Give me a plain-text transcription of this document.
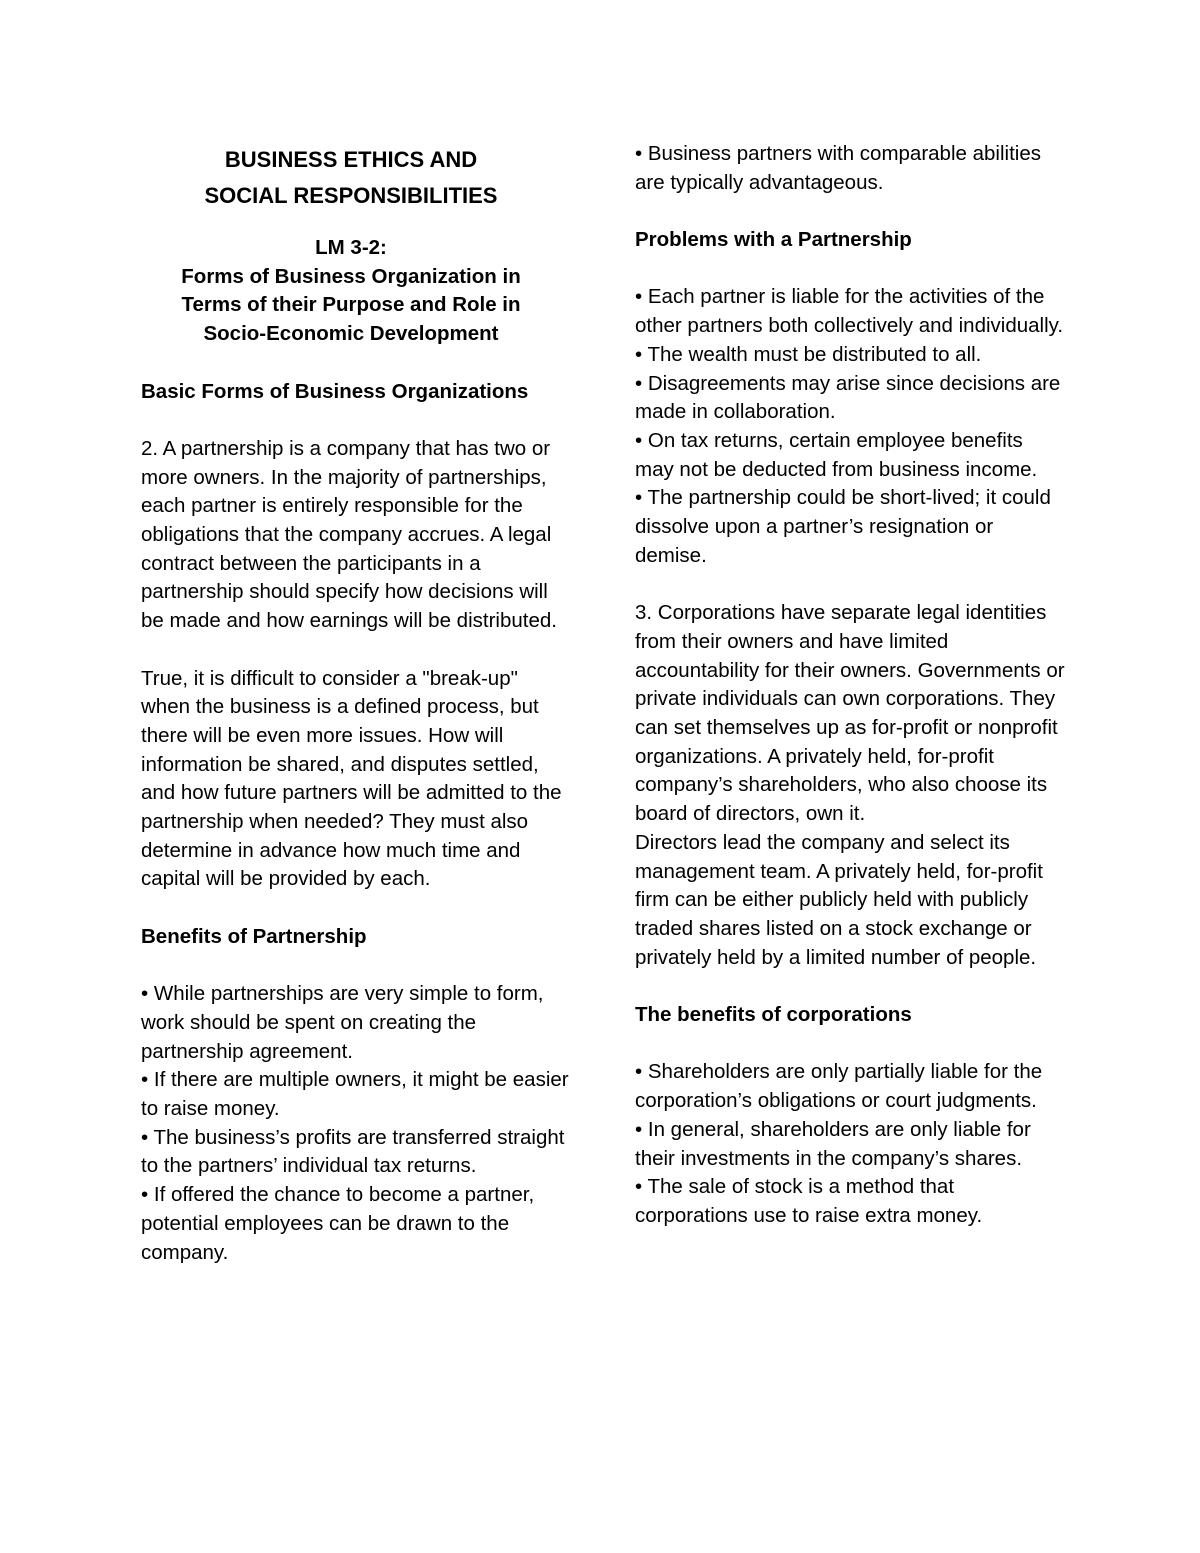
BUSINESS ETHICS AND
SOCIAL RESPONSIBILITIES
LM 3-2:
Forms of Business Organization in
Terms of their Purpose and Role in
Socio-Economic Development

Basic Forms of Business Organizations

2. A partnership is a company that has two or more owners. In the majority of partnerships, each partner is entirely responsible for the obligations that the company accrues. A legal contract between the participants in a partnership should specify how decisions will be made and how earnings will be distributed.

True, it is difficult to consider a "break-up" when the business is a defined process, but there will be even more issues. How will information be shared, and disputes settled, and how future partners will be admitted to the partnership when needed? They must also determine in advance how much time and capital will be provided by each.

Benefits of Partnership

• While partnerships are very simple to form, work should be spent on creating the partnership agreement.
• If there are multiple owners, it might be easier to raise money.
• The business’s profits are transferred straight to the partners’ individual tax returns.
• If offered the chance to become a partner, potential employees can be drawn to the company.

• Business partners with comparable abilities are typically advantageous.

Problems with a Partnership

• Each partner is liable for the activities of the other partners both collectively and individually.
• The wealth must be distributed to all.
• Disagreements may arise since decisions are made in collaboration.
• On tax returns, certain employee benefits may not be deducted from business income.
• The partnership could be short-lived; it could dissolve upon a partner’s resignation or demise.

3. Corporations have separate legal identities from their owners and have limited accountability for their owners. Governments or private individuals can own corporations. They can set themselves up as for-profit or nonprofit organizations. A privately held, for-profit company’s shareholders, who also choose its board of directors, own it.

Directors lead the company and select its management team. A privately held, for-profit firm can be either publicly held with publicly traded shares listed on a stock exchange or privately held by a limited number of people.

The benefits of corporations

• Shareholders are only partially liable for the corporation’s obligations or court judgments.
• In general, shareholders are only liable for their investments in the company’s shares.
• The sale of stock is a method that corporations use to raise extra money.
